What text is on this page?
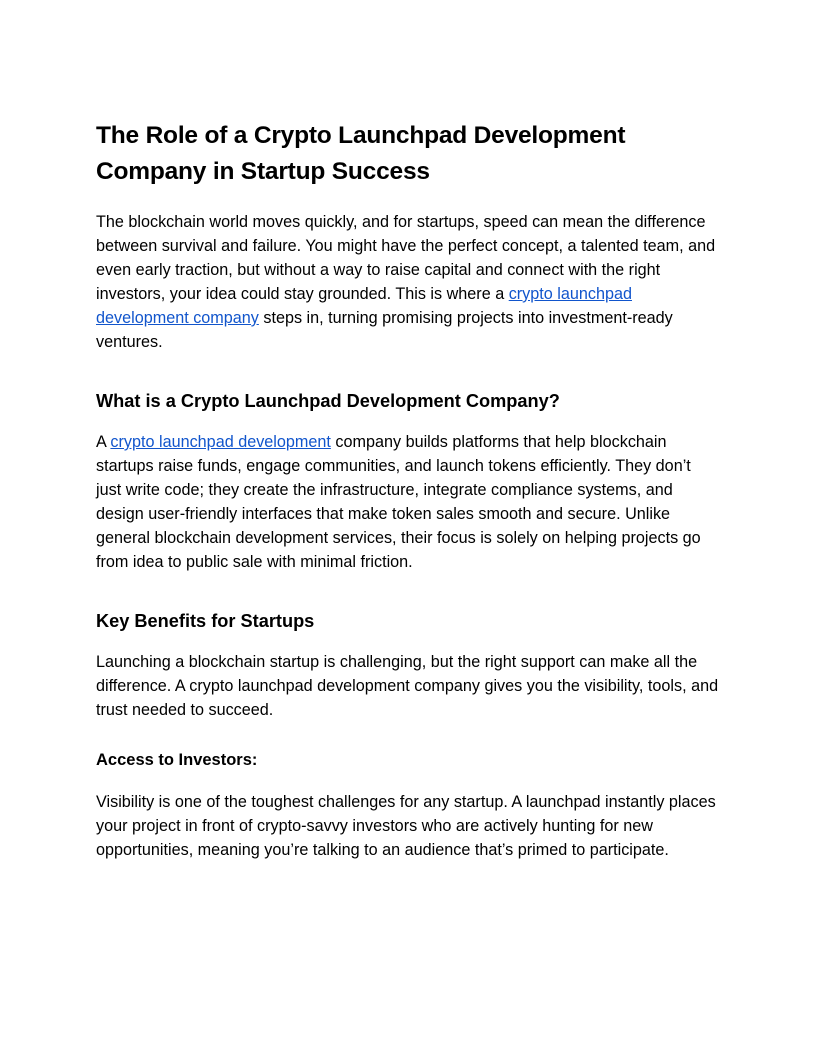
The Role of a Crypto Launchpad Development Company in Startup Success

The blockchain world moves quickly, and for startups, speed can mean the difference between survival and failure. You might have the perfect concept, a talented team, and even early traction, but without a way to raise capital and connect with the right investors, your idea could stay grounded. This is where a crypto launchpad development company steps in, turning promising projects into investment-ready ventures.

What is a Crypto Launchpad Development Company?

A crypto launchpad development company builds platforms that help blockchain startups raise funds, engage communities, and launch tokens efficiently. They don’t just write code; they create the infrastructure, integrate compliance systems, and design user-friendly interfaces that make token sales smooth and secure. Unlike general blockchain development services, their focus is solely on helping projects go from idea to public sale with minimal friction.

Key Benefits for Startups

Launching a blockchain startup is challenging, but the right support can make all the difference. A crypto launchpad development company gives you the visibility, tools, and trust needed to succeed.

Access to Investors:

Visibility is one of the toughest challenges for any startup. A launchpad instantly places your project in front of crypto-savvy investors who are actively hunting for new opportunities, meaning you’re talking to an audience that’s primed to participate.
